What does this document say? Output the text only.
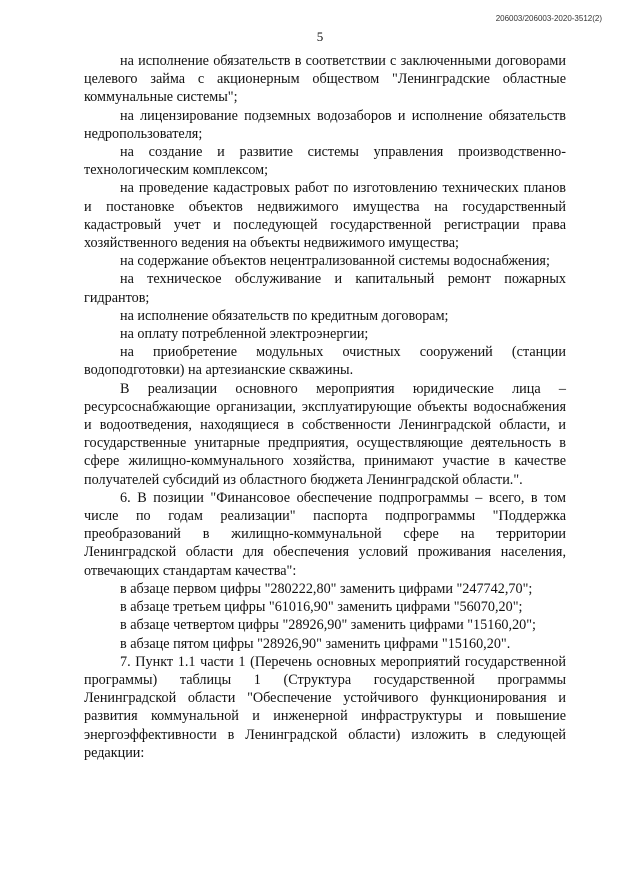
206003/206003-2020-3512(2)
5

на исполнение обязательств в соответствии с заключенными договорами целевого займа с акционерным обществом "Ленинградские областные коммунальные системы";

на лицензирование подземных водозаборов и исполнение обязательств недропользователя;

на создание и развитие системы управления производственно-технологическим комплексом;

на проведение кадастровых работ по изготовлению технических планов и постановке объектов недвижимого имущества на государственный кадастровый учет и последующей государственной регистрации права хозяйственного ведения на объекты недвижимого имущества;

на содержание объектов нецентрализованной системы водоснабжения;

на техническое обслуживание и капитальный ремонт пожарных гидрантов;

на исполнение обязательств по кредитным договорам;

на оплату потребленной электроэнергии;

на приобретение модульных очистных сооружений (станции водоподготовки) на артезианские скважины.

В реализации основного мероприятия юридические лица – ресурсоснабжающие организации, эксплуатирующие объекты водоснабжения и водоотведения, находящиеся в собственности Ленинградской области, и государственные унитарные предприятия, осуществляющие деятельность в сфере жилищно-коммунального хозяйства, принимают участие в качестве получателей субсидий из областного бюджета Ленинградской области.".

6. В позиции "Финансовое обеспечение подпрограммы – всего, в том числе по годам реализации" паспорта подпрограммы "Поддержка преобразований в жилищно-коммунальной сфере на территории Ленинградской области для обеспечения условий проживания населения, отвечающих стандартам качества":

в абзаце первом цифры "280222,80" заменить цифрами "247742,70";

в абзаце третьем цифры "61016,90" заменить цифрами "56070,20";

в абзаце четвертом цифры "28926,90" заменить цифрами "15160,20";

в абзаце пятом цифры "28926,90" заменить цифрами "15160,20".

7. Пункт 1.1 части 1 (Перечень основных мероприятий государственной программы) таблицы 1 (Структура государственной программы Ленинградской области "Обеспечение устойчивого функционирования и развития коммунальной и инженерной инфраструктуры и повышение энергоэффективности в Ленинградской области) изложить в следующей редакции:
